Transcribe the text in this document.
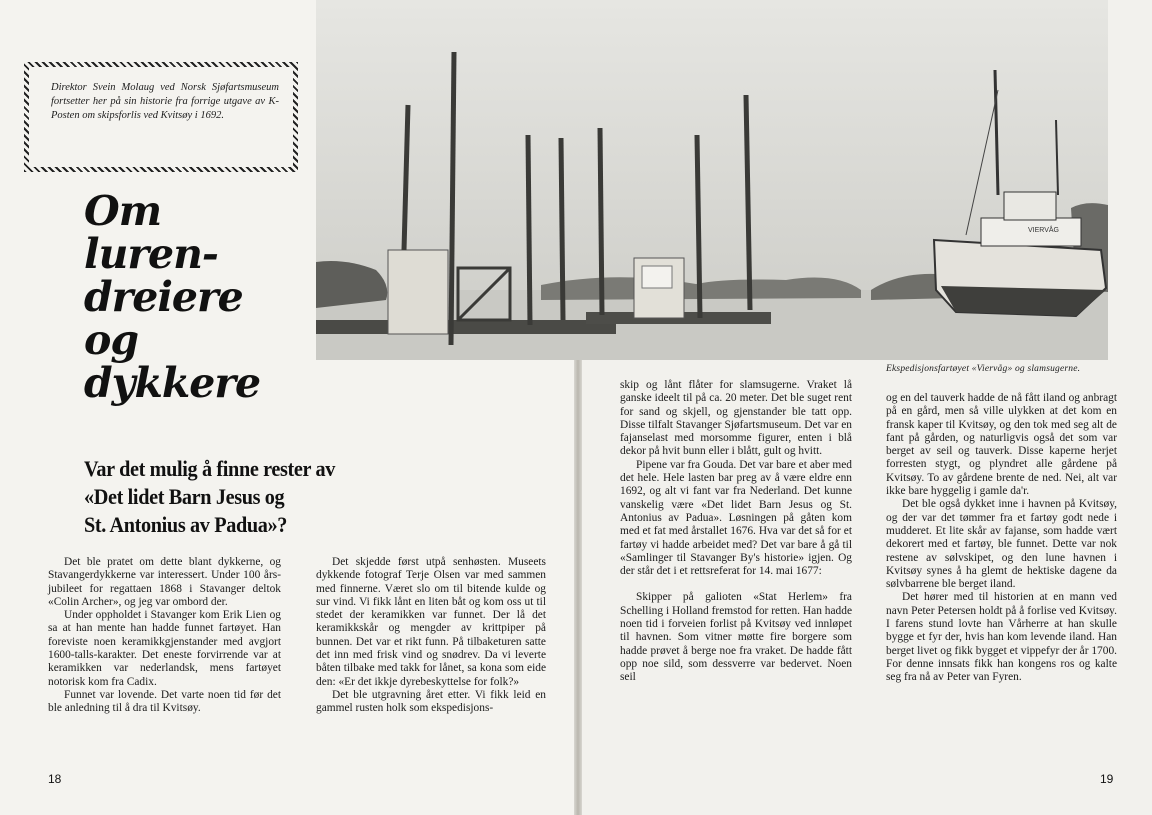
VIERVÅG
Ekspedisjonsfartøyet «Viervåg» og slamsugerne.
Direktor Svein Molaug ved Norsk Sjøfartsmuseum fortsetter her på sin historie fra forrige utgave av K-Posten om skipsforlis ved Kvitsøy i 1692.
Om
luren-
dreiere
og
dykkere
Var det mulig å finne rester av
«Det lidet Barn Jesus og
St. Antonius av Padua»?

Det ble pratet om dette blant dykkerne, og Stavangerdykkerne var interessert. Under 100 års-jubileet for regattaen 1868 i Stavanger deltok «Colin Archer», og jeg var ombord der.

Under oppholdet i Stavanger kom Erik Lien og sa at han mente han hadde funnet fartøyet. Han foreviste noen keramikkgjenstander med avgjort 1600-talls-karakter. Det eneste forvirrende var at keramikken var nederlandsk, mens fartøyet notorisk kom fra Cadix.

Funnet var lovende. Det varte noen tid før det ble anledning til å dra til Kvitsøy.

Det skjedde først utpå senhøsten. Museets dykkende fotograf Terje Olsen var med sammen med finnerne. Været slo om til bitende kulde og sur vind. Vi fikk lånt en liten båt og kom oss ut til stedet der keramikken var funnet. Der lå det keramikkskår og mengder av krittpiper på bunnen. Det var et rikt funn. På tilbaketuren satte det inn med frisk vind og snødrev. Da vi leverte båten tilbake med takk for lånet, sa kona som eide den: «Er det ikkje dyrebeskyttelse for folk?»

Det ble utgravning året etter. Vi fikk leid en gammel rusten holk som ekspedisjons-

skip og lånt flåter for slamsugerne. Vraket lå ganske ideelt til på ca. 20 meter. Det ble suget rent for sand og skjell, og gjenstander ble tatt opp. Disse tilfalt Stavanger Sjøfartsmuseum. Det var en fajanselast med morsomme figurer, enten i blå dekor på hvit bunn eller i blått, gult og hvitt.

Pipene var fra Gouda. Det var bare et aber med det hele. Hele lasten bar preg av å være eldre enn 1692, og alt vi fant var fra Nederland. Det kunne vanskelig være «Det lidet Barn Jesus og St. Antonius av Padua». Løsningen på gåten kom med et fat med årstallet 1676. Hva var det så for et fartøy vi hadde arbeidet med? Det var bare å gå til «Samlinger til Stavanger By's historie» igjen. Og der står det i et rettsreferat for 14. mai 1677:

Skipper på galioten «Stat Herlem» fra Schelling i Holland fremstod for retten. Han hadde noen tid i forveien forlist på Kvitsøy ved innløpet til havnen. Som vitner møtte fire borgere som hadde prøvet å berge noe fra vraket. De hadde fått opp noe sild, som dessverre var bedervet. Noen seil

og en del tauverk hadde de nå fått iland og anbragt på en gård, men så ville ulykken at det kom en fransk kaper til Kvitsøy, og den tok med seg alt de fant på gården, og naturligvis også det som var berget av seil og tauverk. Disse kaperne herjet forresten stygt, og plyndret alle gårdene på Kvitsøy. To av gårdene brente de ned. Nei, alt var ikke bare hyggelig i gamle da'r.

Det ble også dykket inne i havnen på Kvitsøy, og der var det tømmer fra et fartøy godt nede i mudderet. Et lite skår av fajanse, som hadde vært dekorert med et fartøy, ble funnet. Dette var nok restene av sølvskipet, og den lune havnen i Kvitsøy synes å ha glemt de hektiske dagene da sølvbarrene ble berget iland.

Det hører med til historien at en mann ved navn Peter Petersen holdt på å forlise ved Kvitsøy. I farens stund lovte han Vårherre at han skulle bygge et fyr der, hvis han kom levende iland. Han berget livet og fikk bygget et vippefyr der år 1700. For denne innsats fikk han kongens ros og kalte seg fra nå av Peter van Fyren.

18	19
